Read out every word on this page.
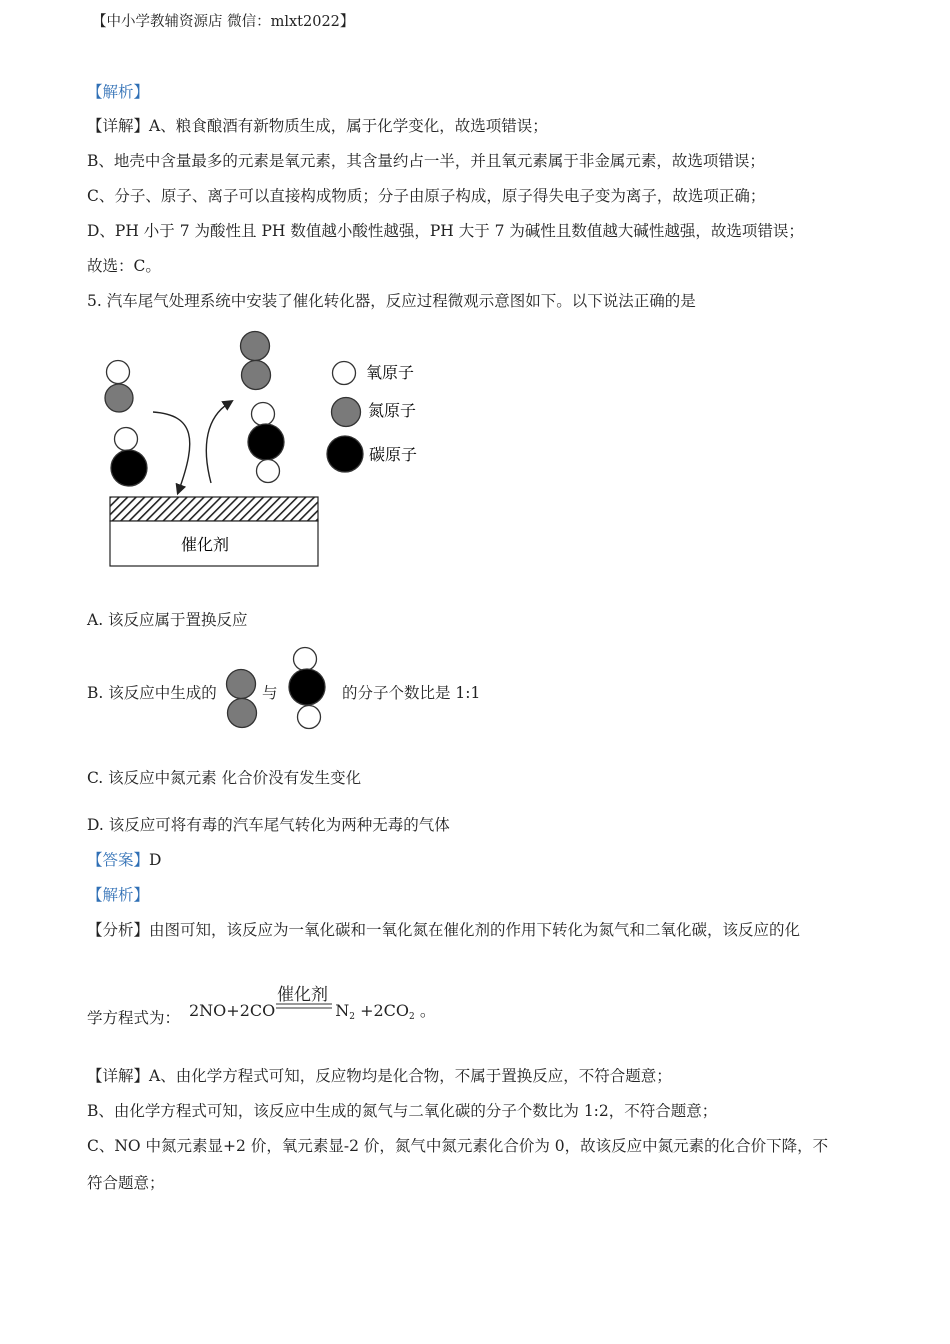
【中小学教辅资源店 微信：mlxt2022】
【解析】
【详解】A、粮食酿酒有新物质生成，属于化学变化，故选项错误；
B、地壳中含量最多的元素是氧元素，其含量约占一半，并且氧元素属于非金属元素，故选项错误；
C、分子、原子、离子可以直接构成物质；分子由原子构成，原子得失电子变为离子，故选项正确；
D、PH 小于 7 为酸性且 PH 数值越小酸性越强，PH 大于 7 为碱性且数值越大碱性越强，故选项错误；
故选：C。
5. 汽车尾气处理系统中安装了催化转化器，反应过程微观示意图如下。以下说法正确的是
催化剂
氧原子
氮原子
碳原子
A. 该反应属于置换反应
B. 该反应中生成的	与	的分子个数比是 1:1
C. 该反应中氮元素 化合价没有发生变化
D. 该反应可将有毒的汽车尾气转化为两种无毒的气体
【答案】D
【解析】
【分析】由图可知，该反应为一氧化碳和一氧化氮在催化剂的作用下转化为氮气和二氧化碳，该反应的化
学方程式为： 2NO+2CO	$N_2 +2CO_2$ 。
催化剂
【详解】A、由化学方程式可知，反应物均是化合物，不属于置换反应，不符合题意；
B、由化学方程式可知，该反应中生成的氮气与二氧化碳的分子个数比为 1:2，不符合题意；
C、NO 中氮元素显+2 价，氧元素显-2 价，氮气中氮元素化合价为 0，故该反应中氮元素的化合价下降，不
符合题意；
